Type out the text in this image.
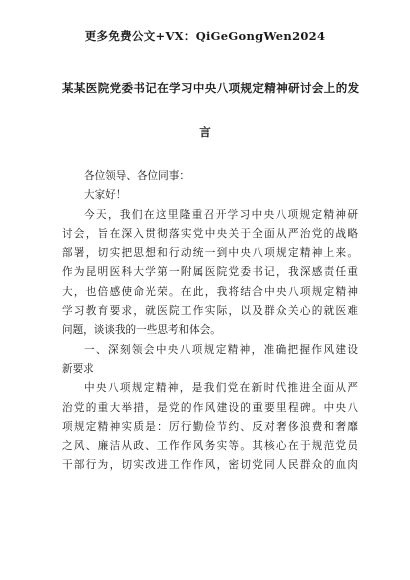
更多免费公文+VX：QiGeGongWen2024
某某医院党委书记在学习中央八项规定精神研讨会上的发
言
各位领导、各位同事：
大家好！
今天，我们在这里隆重召开学习中央八项规定精神研
讨会，旨在深入贯彻落实党中央关于全面从严治党的战略
部署，切实把思想和行动统一到中央八项规定精神上来。
作为昆明医科大学第一附属医院党委书记，我深感责任重
大，也倍感使命光荣。在此，我将结合中央八项规定精神
学习教育要求，就医院工作实际，以及群众关心的就医难
问题，谈谈我的一些思考和体会。
一、深刻领会中央八项规定精神，准确把握作风建设
新要求
中央八项规定精神，是我们党在新时代推进全面从严
治党的重大举措，是党的作风建设的重要里程碑。中央八
项规定精神实质是：厉行勤俭节约、反对奢侈浪费和奢靡
之风、廉洁从政、工作作风务实等。其核心在于规范党员
干部行为，切实改进工作作风，密切党同人民群众的血肉
